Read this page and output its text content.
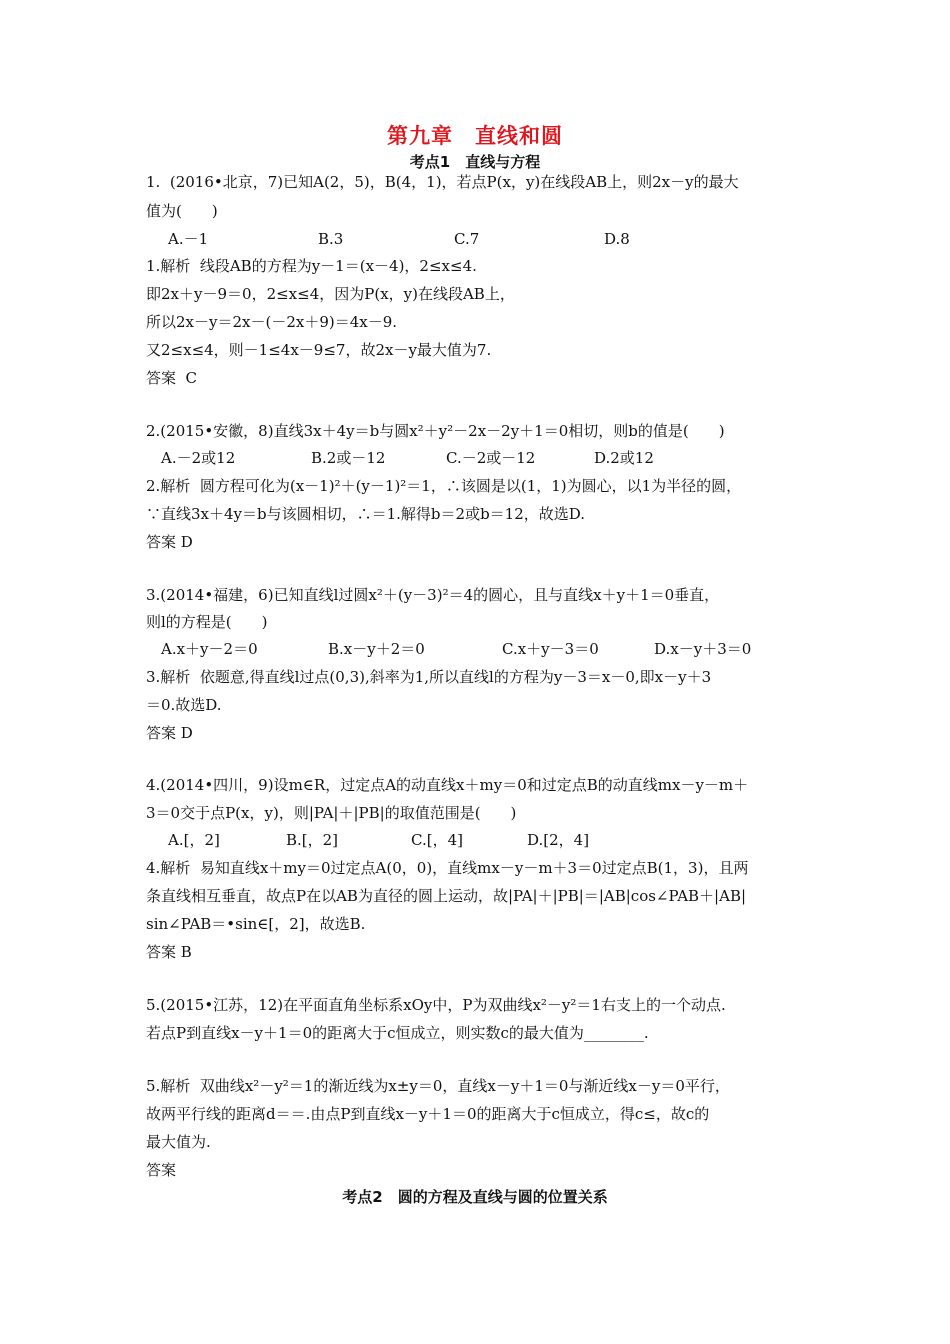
第九章　直线和圆
考点1　直线与方程
1.  (2016•北京，7)已知A(2，5)，B(4，1)，若点P(x，y)在线段AB上，则2x－y的最大
值为(　　)
A.－1	B.3	C.7	D.8
1.解析  线段AB的方程为y－1＝(x－4)，2≤x≤4.
即2x＋y－9＝0，2≤x≤4，因为P(x，y)在线段AB上，
所以2x－y＝2x－(－2x＋9)＝4x－9.
又2≤x≤4，则－1≤4x－9≤7，故2x－y最大值为7.
答案  C
2.(2015•安徽，8)直线3x＋4y＝b与圆x²＋y²－2x－2y＋1＝0相切，则b的值是(　　)
A.－2或12	B.2或－12	C.－2或－12	D.2或12
2.解析  圆方程可化为(x－1)²＋(y－1)²＝1，∴该圆是以(1，1)为圆心，以1为半径的圆，
∵直线3x＋4y＝b与该圆相切，∴＝1.解得b＝2或b＝12，故选D.
答案 D
3.(2014•福建，6)已知直线l过圆x²＋(y－3)²＝4的圆心，且与直线x＋y＋1＝0垂直，
则l的方程是(　　)
A.x＋y－2＝0	B.x－y＋2＝0	C.x＋y－3＝0	D.x－y＋3＝0
3.解析  依题意,得直线l过点(0,3),斜率为1,所以直线l的方程为y－3＝x－0,即x－y＋3
＝0.故选D.
答案 D
4.(2014•四川，9)设m∈R，过定点A的动直线x＋my＝0和过定点B的动直线mx－y－m＋
3＝0交于点P(x，y)，则|PA|＋|PB|的取值范围是(　　)
A.[，2]	B.[，2]	C.[，4]	D.[2，4]
4.解析  易知直线x＋my＝0过定点A(0，0)，直线mx－y－m＋3＝0过定点B(1，3)，且两
条直线相互垂直，故点P在以AB为直径的圆上运动，故|PA|＋|PB|＝|AB|cos∠PAB＋|AB|
sin∠PAB＝•sin∈[，2]，故选B.
答案 B
5.(2015•江苏，12)在平面直角坐标系xOy中，P为双曲线x²－y²＝1右支上的一个动点.
若点P到直线x－y＋1＝0的距离大于c恒成立，则实数c的最大值为________.
5.解析  双曲线x²－y²＝1的渐近线为x±y＝0，直线x－y＋1＝0与渐近线x－y＝0平行，
故两平行线的距离d＝＝.由点P到直线x－y＋1＝0的距离大于c恒成立，得c≤，故c的
最大值为.
答案
考点2　圆的方程及直线与圆的位置关系
